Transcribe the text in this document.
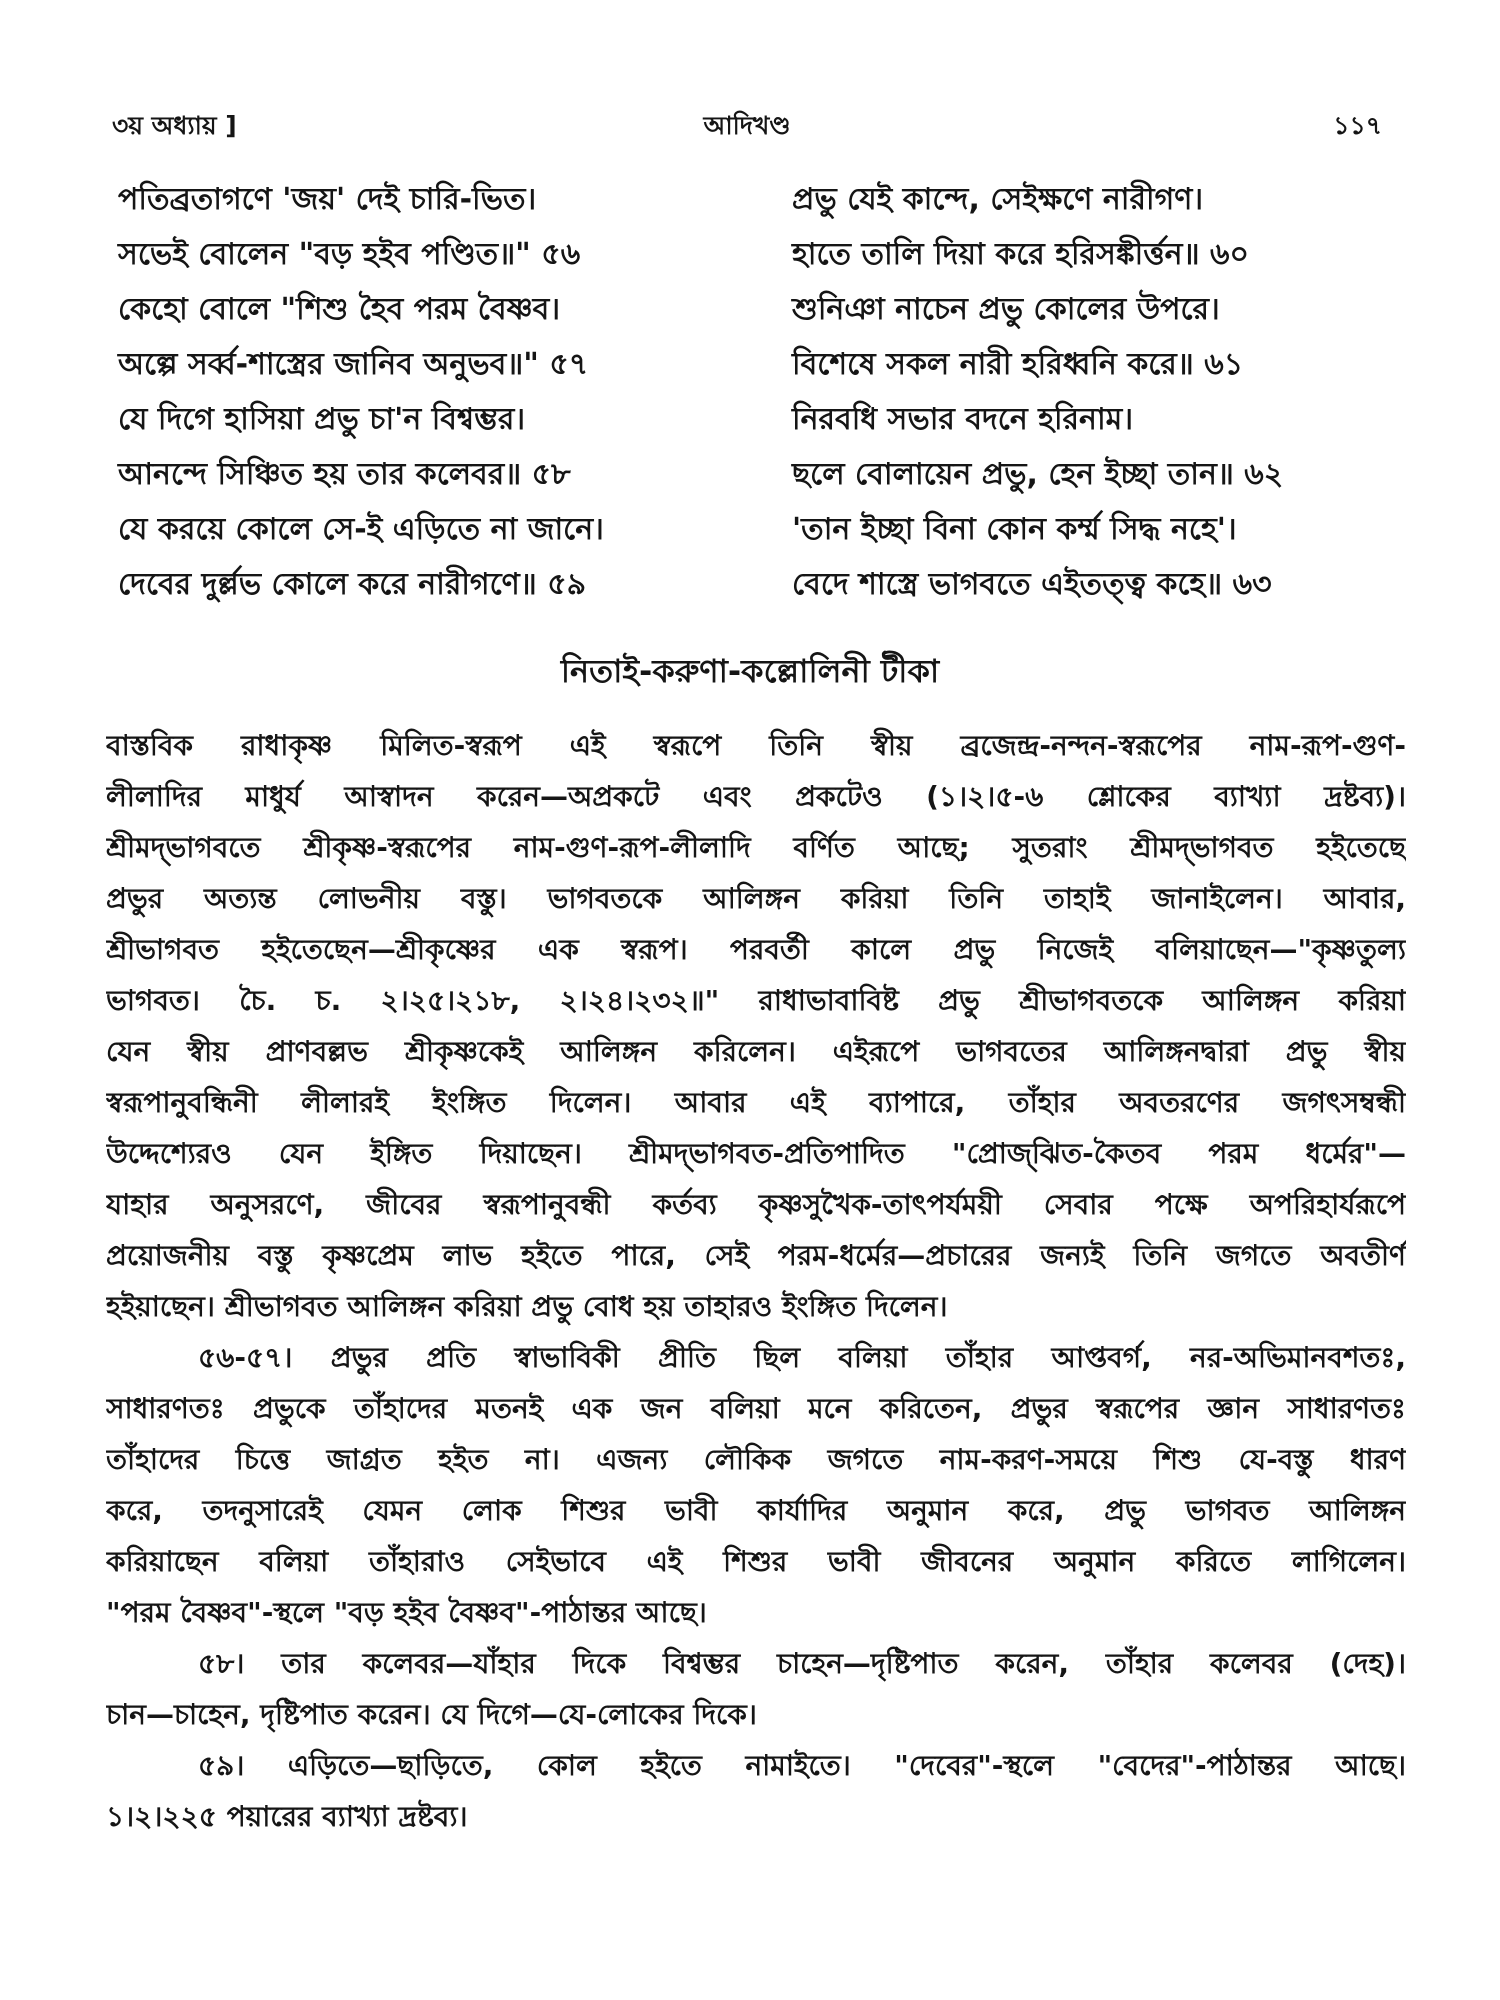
৩য় অধ্যায় ]	আদিখণ্ড	১১৭
পতিব্রতাগণে 'জয়' দেই চারি-ভিত।
সভেই বোলেন "বড় হইব পণ্ডিত॥" ৫৬
কেহো বোলে "শিশু হৈব পরম বৈষ্ণব।
অল্পে সর্ব্ব-শাস্ত্রের জানিব অনুভব॥" ৫৭
যে দিগে হাসিয়া প্রভু চা'ন বিশ্বম্ভর।
আনন্দে সিঞ্চিত হয় তার কলেবর॥ ৫৮
যে করয়ে কোলে সে-ই এড়িতে না জানে।
দেবের দুর্ল্লভ কোলে করে নারীগণে॥ ৫৯
প্রভু যেই কান্দে, সেইক্ষণে নারীগণ।
হাতে তালি দিয়া করে হরিসঙ্কীর্ত্তন॥ ৬০
শুনিঞা নাচেন প্রভু কোলের উপরে।
বিশেষে সকল নারী হরিধ্বনি করে॥ ৬১
নিরবধি সভার বদনে হরিনাম।
ছলে বোলায়েন প্রভু, হেন ইচ্ছা তান॥ ৬২
'তান ইচ্ছা বিনা কোন কর্ম্ম সিদ্ধ নহে'।
বেদে শাস্ত্রে ভাগবতে এইতত্ত্ব কহে॥ ৬৩
নিতাই-করুণা-কল্লোলিনী টীকা

বাস্তবিক রাধাকৃষ্ণ মিলিত-স্বরূপ এই স্বরূপে তিনি স্বীয় ব্রজেন্দ্র-নন্দন-স্বরূপের নাম-রূপ-গুণ-
লীলাদির মাধুর্য আস্বাদন করেন—অপ্রকটে এবং প্রকটেও (১।২।৫-৬ শ্লোকের ব্যাখ্যা দ্রষ্টব্য)।
শ্রীমদ্‌ভাগবতে শ্রীকৃষ্ণ-স্বরূপের নাম-গুণ-রূপ-লীলাদি বর্ণিত আছে; সুতরাং শ্রীমদ্‌ভাগবত হইতেছে
প্রভুর অত্যন্ত লোভনীয় বস্তু। ভাগবতকে আলিঙ্গন করিয়া তিনি তাহাই জানাইলেন। আবার,
শ্রীভাগবত হইতেছেন—শ্রীকৃষ্ণের এক স্বরূপ। পরবর্তী কালে প্রভু নিজেই বলিয়াছেন—"কৃষ্ণতুল্য
ভাগবত। চৈ. চ. ২।২৫।২১৮, ২।২৪।২৩২॥" রাধাভাবাবিষ্ট প্রভু শ্রীভাগবতকে আলিঙ্গন করিয়া
যেন স্বীয় প্রাণবল্লভ শ্রীকৃষ্ণকেই আলিঙ্গন করিলেন। এইরূপে ভাগবতের আলিঙ্গনদ্বারা প্রভু স্বীয়
স্বরূপানুবন্ধিনী লীলারই ইংঙ্গিত দিলেন। আবার এই ব্যাপারে, তাঁহার অবতরণের জগৎসম্বন্ধী
উদ্দেশ্যেরও যেন ইঙ্গিত দিয়াছেন। শ্রীমদ্‌ভাগবত-প্রতিপাদিত "প্রোজ্‌ঝিত-কৈতব পরম ধর্মের"—
যাহার অনুসরণে, জীবের স্বরূপানুবন্ধী কর্তব্য কৃষ্ণসুখৈক-তাৎপর্যময়ী সেবার পক্ষে অপরিহার্যরূপে
প্রয়োজনীয় বস্তু কৃষ্ণপ্রেম লাভ হইতে পারে, সেই পরম-ধর্মের—প্রচারের জন্যই তিনি জগতে অবতীর্ণ
হইয়াছেন। শ্রীভাগবত আলিঙ্গন করিয়া প্রভু বোধ হয় তাহারও ইংঙ্গিত দিলেন।

৫৬-৫৭। প্রভুর প্রতি স্বাভাবিকী প্রীতি ছিল বলিয়া তাঁহার আপ্তবর্গ, নর-অভিমানবশতঃ,
সাধারণতঃ প্রভুকে তাঁহাদের মতনই এক জন বলিয়া মনে করিতেন, প্রভুর স্বরূপের জ্ঞান সাধারণতঃ
তাঁহাদের চিত্তে জাগ্রত হইত না। এজন্য লৌকিক জগতে নাম-করণ-সময়ে শিশু যে-বস্তু ধারণ
করে, তদনুসারেই যেমন লোক শিশুর ভাবী কার্যাদির অনুমান করে, প্রভু ভাগবত আলিঙ্গন
করিয়াছেন বলিয়া তাঁহারাও সেইভাবে এই শিশুর ভাবী জীবনের অনুমান করিতে লাগিলেন।
"পরম বৈষ্ণব"-স্থলে "বড় হইব বৈষ্ণব"-পাঠান্তর আছে।

৫৮। তার কলেবর—যাঁহার দিকে বিশ্বম্ভর চাহেন—দৃষ্টিপাত করেন, তাঁহার কলেবর (দেহ)।
চান—চাহেন, দৃষ্টিপাত করেন। যে দিগে—যে-লোকের দিকে।

৫৯। এড়িতে—ছাড়িতে, কোল হইতে নামাইতে। "দেবের"-স্থলে "বেদের"-পাঠান্তর আছে।
১।২।২২৫ পয়ারের ব্যাখ্যা দ্রষ্টব্য।
